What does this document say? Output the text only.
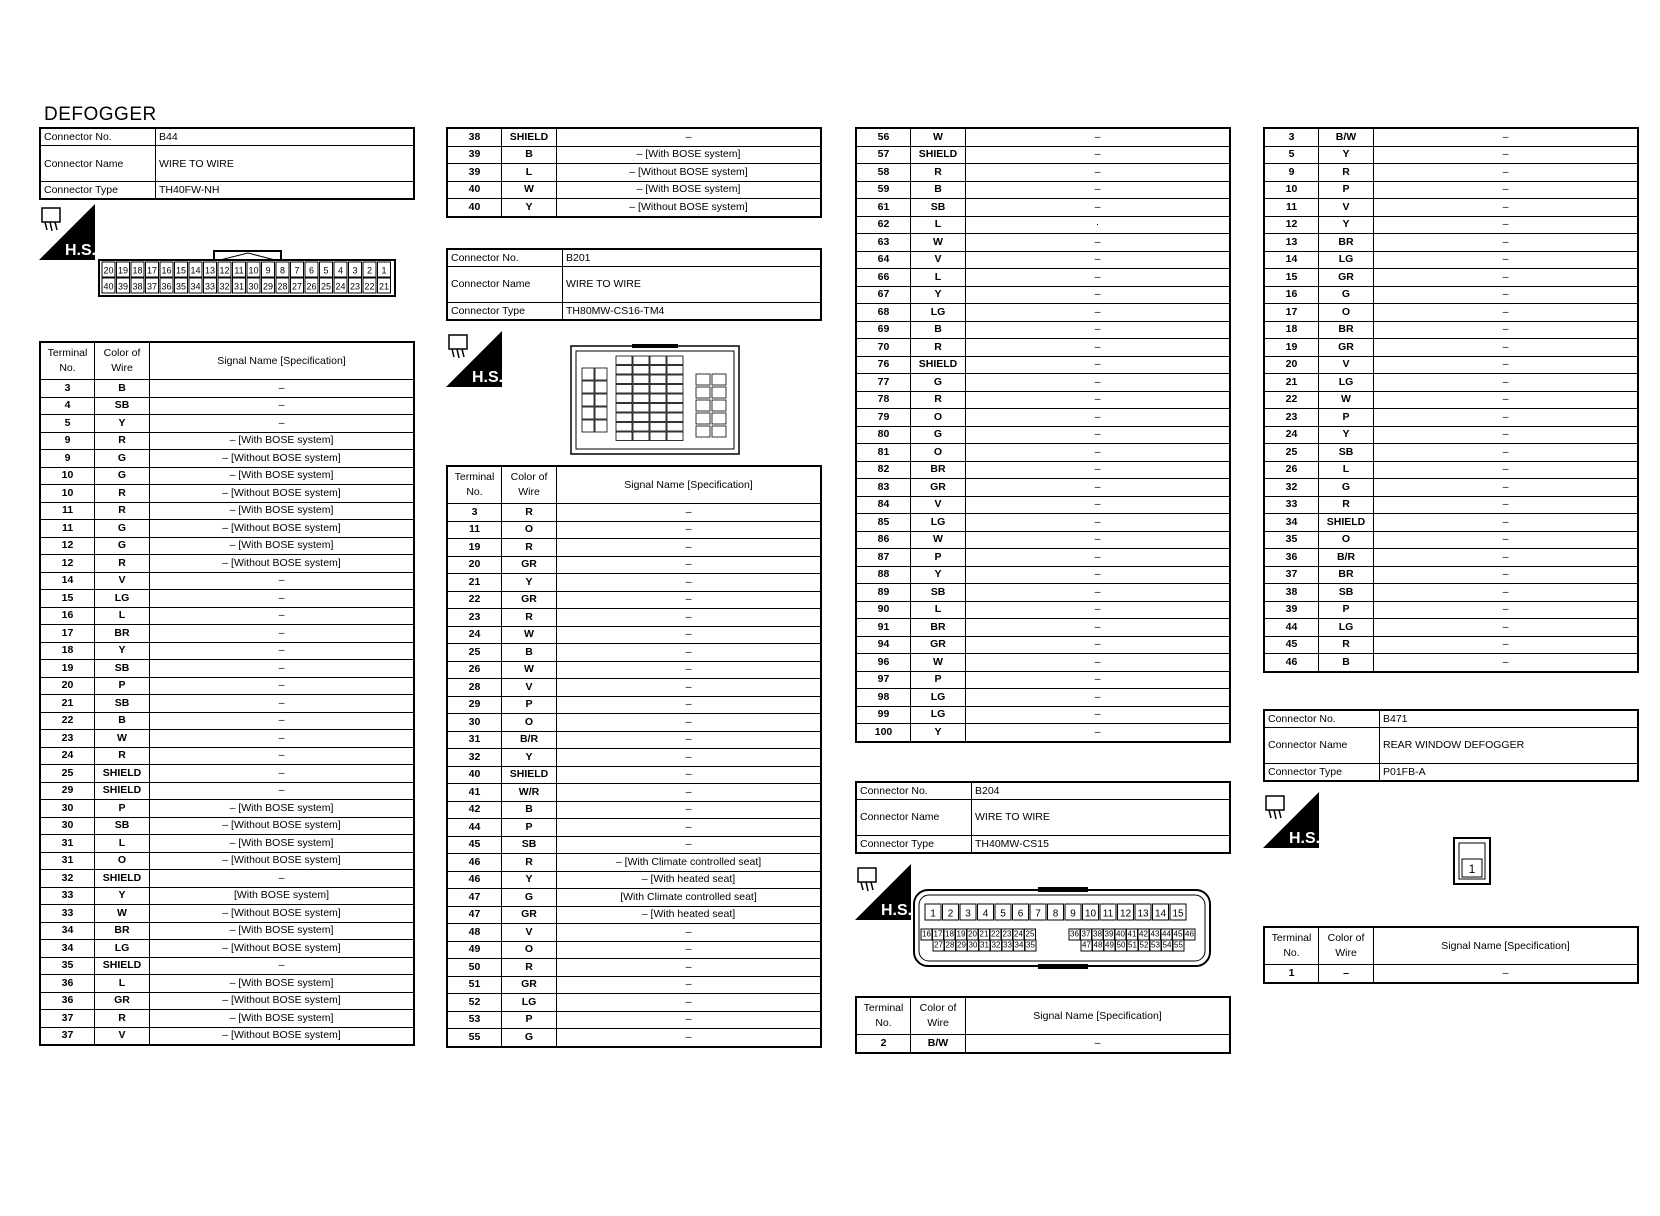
DEFOGGER
Connector No.	B44
Connector Name	WIRE TO WIRE
Connector Type	TH40FW-NH
H.S.
20 19 18 17 16 15 14 13 12 11 10 9 8 7 6 5 4 3 2 1
40 39 38 37 36 35 34 33 32 31 30 29 28 27 26 25 24 23 22 21
Terminal No.	Color of Wire	Signal Name [Specification]
3	B	–
4	SB	–
5	Y	–
9	R	– [With BOSE system]
9	G	– [Without BOSE system]
10	G	– [With BOSE system]
10	R	– [Without BOSE system]
11	R	– [With BOSE system]
11	G	– [Without BOSE system]
12	G	– [With BOSE system]
12	R	– [Without BOSE system]
14	V	–
15	LG	–
16	L	–
17	BR	–
18	Y	–
19	SB	–
20	P	–
21	SB	–
22	B	–
23	W	–
24	R	–
25	SHIELD	–
29	SHIELD	–
30	P	– [With BOSE system]
30	SB	– [Without BOSE system]
31	L	– [With BOSE system]
31	O	– [Without BOSE system]
32	SHIELD	–
33	Y	[With BOSE system]
33	W	– [Without BOSE system]
34	BR	– [With BOSE system]
34	LG	– [Without BOSE system]
35	SHIELD	–
36	L	– [With BOSE system]
36	GR	– [Without BOSE system]
37	R	– [With BOSE system]
37	V	– [Without BOSE system]
38	SHIELD	–
39	B	– [With BOSE system]
39	L	– [Without BOSE system]
40	W	– [With BOSE system]
40	Y	– [Without BOSE system]
Connector No.	B201
Connector Name	WIRE TO WIRE
Connector Type	TH80MW-CS16-TM4
H.S.
Terminal No.	Color of Wire	Signal Name [Specification]
3	R	–
11	O	–
19	R	–
20	GR	–
21	Y	–
22	GR	–
23	R	–
24	W	–
25	B	–
26	W	–
28	V	–
29	P	–
30	O	–
31	B/R	–
32	Y	–
40	SHIELD	–
41	W/R	–
42	B	–
44	P	–
45	SB	–
46	R	– [With Climate controlled seat]
46	Y	– [With heated seat]
47	G	[With Climate controlled seat]
47	GR	– [With heated seat]
48	V	–
49	O	–
50	R	–
51	GR	–
52	LG	–
53	P	–
55	G	–
56	W	–
57	SHIELD	–
58	R	–
59	B	–
61	SB	–
62	L	·
63	W	–
64	V	–
66	L	–
67	Y	–
68	LG	–
69	B	–
70	R	–
76	SHIELD	–
77	G	–
78	R	–
79	O	–
80	G	–
81	O	–
82	BR	–
83	GR	–
84	V	–
85	LG	–
86	W	–
87	P	–
88	Y	–
89	SB	–
90	L	–
91	BR	–
94	GR	–
96	W	–
97	P	–
98	LG	–
99	LG	–
100	Y	–
Connector No.	B204
Connector Name	WIRE TO WIRE
Connector Type	TH40MW-CS15
H.S. 1 2 3 4 5 6 7 8 9 10 11 12 13 14 15
16 17 18 19 20 21 22 23 24 25	36 37 38 39 40 41 42 43 44 45 46
27 28 29 30 31 32 33 34 35	47 48 49 50 51 52 53 54 55
Terminal No.	Color of Wire	Signal Name [Specification]
2	B/W	–
3	B/W	–
5	Y	–
9	R	–
10	P	–
11	V	–
12	Y	–
13	BR	–
14	LG	–
15	GR	–
16	G	–
17	O	–
18	BR	–
19	GR	–
20	V	–
21	LG	–
22	W	–
23	P	–
24	Y	–
25	SB	–
26	L	–
32	G	–
33	R	–
34	SHIELD	–
35	O	–
36	B/R	–
37	BR	–
38	SB	–
39	P	–
44	LG	–
45	R	–
46	B	–
Connector No.	B471
Connector Name	REAR WINDOW DEFOGGER
Connector Type	P01FB-A
H.S.
1
Terminal No.	Color of Wire	Signal Name [Specification]
1	–	–
